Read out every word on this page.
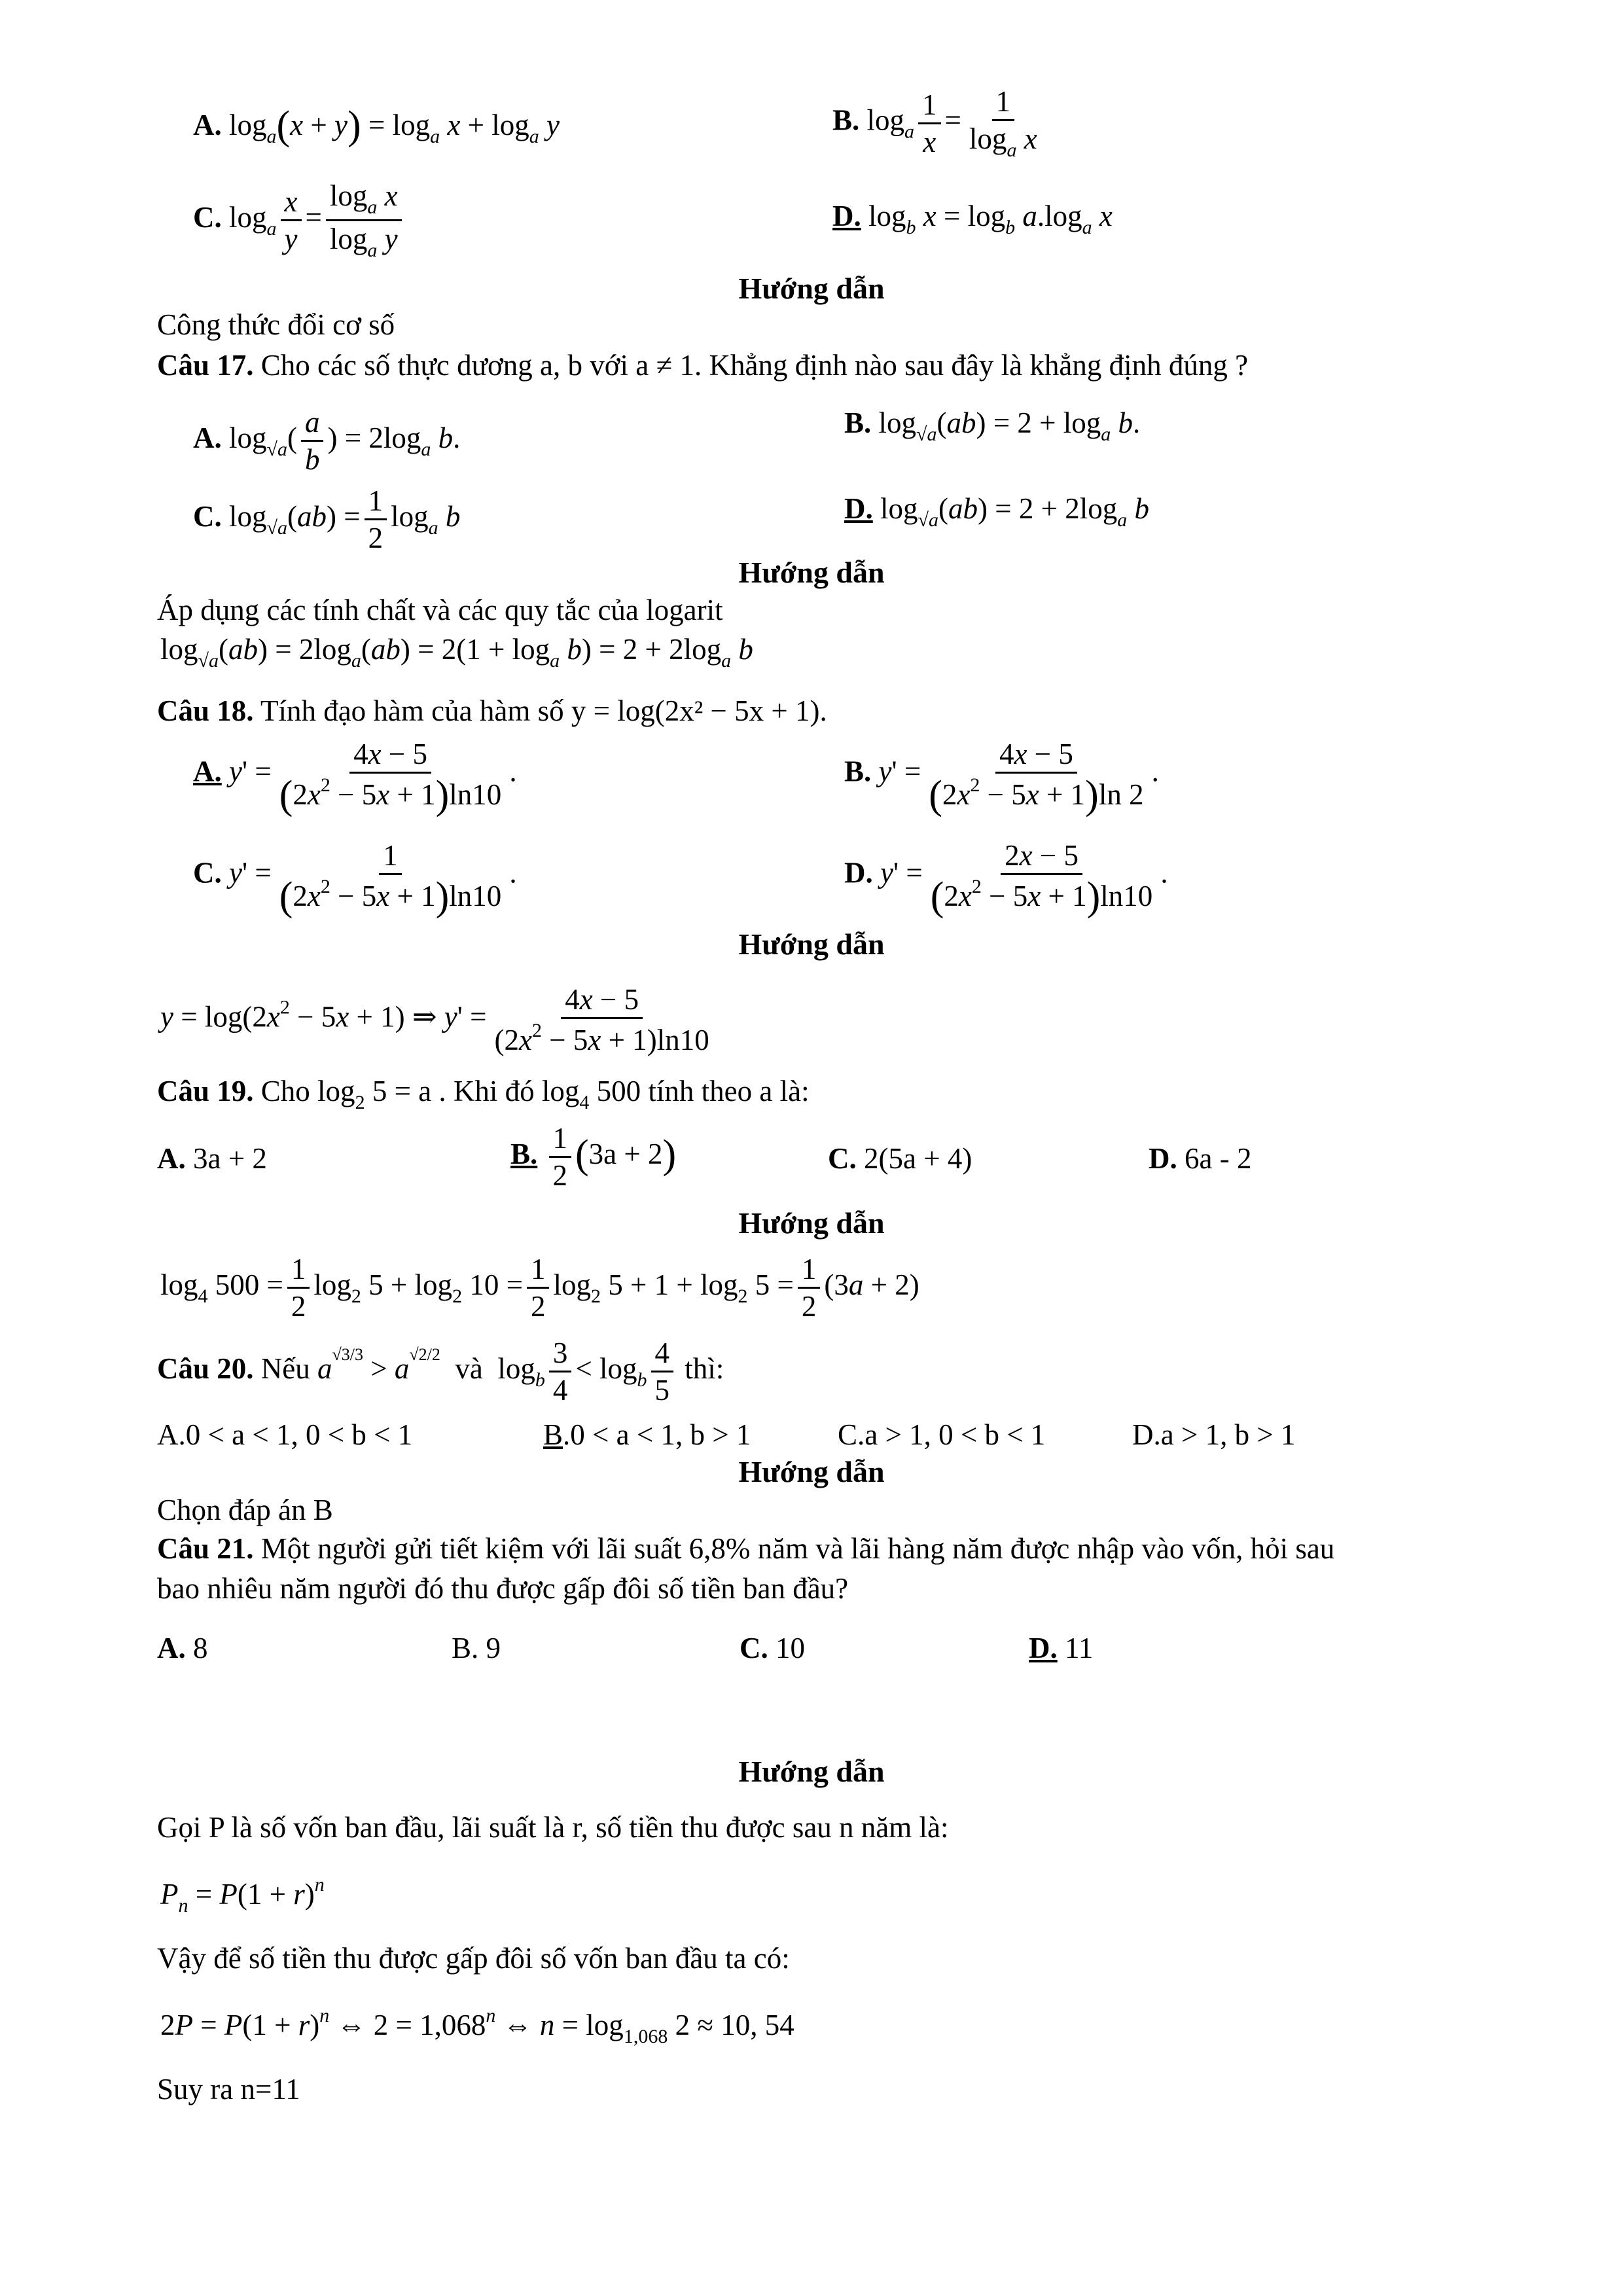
A. $\log_a(x + y) = \log_a x + \log_a y$	B. $\log_a \frac{1}{x} = \frac{1}{\log_a x}$
C. $\log_a \frac{x}{y} = \frac{\log_a x}{\log_a y}$	D. $\log_b x = \log_b a.\log_a$ x
Hướng dẫn
Công thức đổi cơ số
Câu 17. Cho các số thực dương a, b với a ≠ 1. Khẳng định nào sau đây là khẳng định đúng ?
A. $\log_{√a}( \frac{a}{b}$ ) = $2\log_a$ b.	B. $\log_{√a}(ab) = 2 + \log_a b$.
C. $\log_{√a}(ab) = \frac{1}{2} \log_a b$	D. $\log_{√a}(ab) = 2 + 2\log_a$ b
Hướng dẫn
Áp dụng các tính chất và các quy tắc của logarit
$\log_{√a}(ab) = 2\log_a(ab) = 2(1 + \log_a b) = 2 + 2\log_a$ b
Câu 18. Tính đạo hàm của hàm số y = log(2x² − 5x + 1).
A. $y' = \frac{4x - 5}{(2x^2 - 5x + 1)\ln 10}$ .	B. $y' = \frac{4x - 5}{(2x^2 - 5x + 1)\ln 2}$ .
C. $y' = \frac{1}{(2x^2 - 5x + 1)\ln 10}$ .	D. $y' = \frac{2x - 5}{(2x^2 - 5x + 1)\ln 10}$ .
Hướng dẫn
$y = \log(2x^2 - 5x + 1)$ ⇒ $y' = \frac{4x - 5}{(2x^2 - 5x + 1)\ln 10}$
Câu 19. Cho $\log_2 5 = a$ . Khi đó $\log_4 500$ tính theo a là:
A. 3a + 2	B. $\frac{1}{2} (3a + 2)$	C. 2(5a + 4)	D. 6a - 2
Hướng dẫn
$\log_4 500 = \frac{1}{2} \log_2 5 + \log_2 10 = \frac{1}{2} \log_2 5 + 1 + \log_2 5 = \frac{1}{2} (3a + 2)$
Câu 20. Nếu $a^{√3/3} > a^{√2/2}$  và  $\log_b \frac{3}{4} < \log_b \frac{4}{5}$ thì:
A.0 < a < 1, 0 < b < 1	B.0 < a < 1, b > 1	C.a > 1, 0 < b < 1	D.a > 1, b > 1
Hướng dẫn
Chọn đáp án B
Câu 21. Một người gửi tiết kiệm với lãi suất 6,8% năm và lãi hàng năm được nhập vào vốn, hỏi sau
bao nhiêu năm người đó thu được gấp đôi số tiền ban đầu?
A. 8	B. 9	C. 10	D. 11
Hướng dẫn
Gọi P là số vốn ban đầu, lãi suất là r, số tiền thu được sau n năm là:
$P_n = P(1 + r)^n$
Vậy để số tiền thu được gấp đôi số vốn ban đầu ta có:
$2P = P(1 + r)^n$ ⇔ $2 = 1,068^n$ ⇔ $n = \log_{1,068} 2 \approx 10$, 54
Suy ra n=11
